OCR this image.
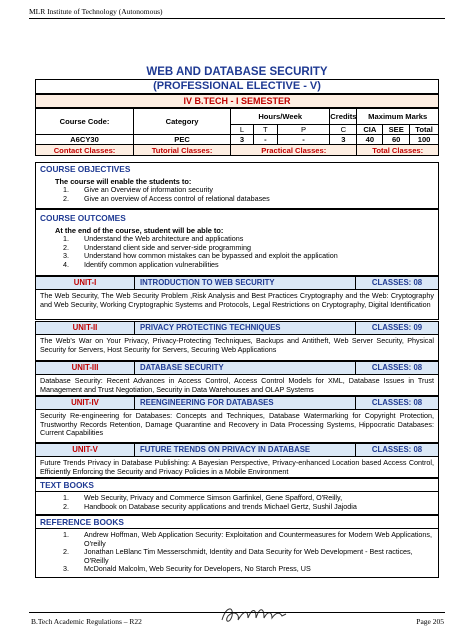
MLR Institute of Technology (Autonomous)
WEB AND DATABASE SECURITY
(PROFESSIONAL ELECTIVE - V)
IV B.TECH - I SEMESTER
Course Code:	Category	Hours/Week			Credits	Maximum Marks		
		L	T	P	C	CIA	SEE	Total
A6CY30	PEC	3	-	-	3	40	60	100
Contact Classes:	Tutorial Classes:	Practical Classes:				Total Classes:		
COURSE OBJECTIVES
The course will enable the students to:
1. Give an Overview of information security
2. Give an overview of Access control of relational databases
COURSE OUTCOMES
At the end of the course, student will be able to:
1. Understand the Web architecture and applications
2. Understand client side and server-side programming
3. Understand how common mistakes can be bypassed and exploit the application
4. Identify common application vulnerabilities
UNIT-I	INTRODUCTION TO WEB SECURITY	CLASSES: 08
The Web Security, The Web Security Problem ,Risk Analysis and Best Practices Cryptography and the Web: Cryptography and Web Security, Working Cryptographic Systems and Protocols, Legal Restrictions on Cryptography, Digital Identification
UNIT-II	PRIVACY PROTECTING TECHNIQUES	CLASSES: 09
The Web's War on Your Privacy, Privacy-Protecting Techniques, Backups and Antitheft, Web Server Security, Physical Security for Servers, Host Security for Servers, Securing Web Applications
UNIT-III	DATABASE SECURITY	CLASSES: 08
Database Security: Recent Advances in Access Control, Access Control Models for XML, Database Issues in Trust Management and Trust Negotiation, Security in Data Warehouses and OLAP Systems
UNIT-IV	REENGINEERING FOR DATABASES	CLASSES: 08
Security Re-engineering for Databases: Concepts and Techniques, Database Watermarking for Copyright Protection, Trustworthy Records Retention, Damage Quarantine and Recovery in Data Processing Systems, Hippocratic Databases: Current Capabilities
UNIT-V	FUTURE TRENDS ON PRIVACY IN DATABASE	CLASSES: 08
Future Trends Privacy in Database Publishing: A Bayesian Perspective, Privacy-enhanced Location based Access Control, Efficiently Enforcing the Security and Privacy Policies in a Mobile Environment
TEXT BOOKS
1. Web Security, Privacy and Commerce Simson Garfinkel, Gene Spafford, O'Reilly,
2. Handbook on Database security applications and trends Michael Gertz, Sushil Jajodia
REFERENCE BOOKS
1. Andrew Hoffman, Web Application Security: Exploitation and Countermeasures for Modern Web Applications, O'reilly
2. Jonathan LeBlanc Tim Messerschmidt, Identity and Data Security for Web Development - Best ractices, O'Reilly
3. McDonald Malcolm, Web Security for Developers, No Starch Press, US
B.Tech Academic Regulations – R22	Page 205
